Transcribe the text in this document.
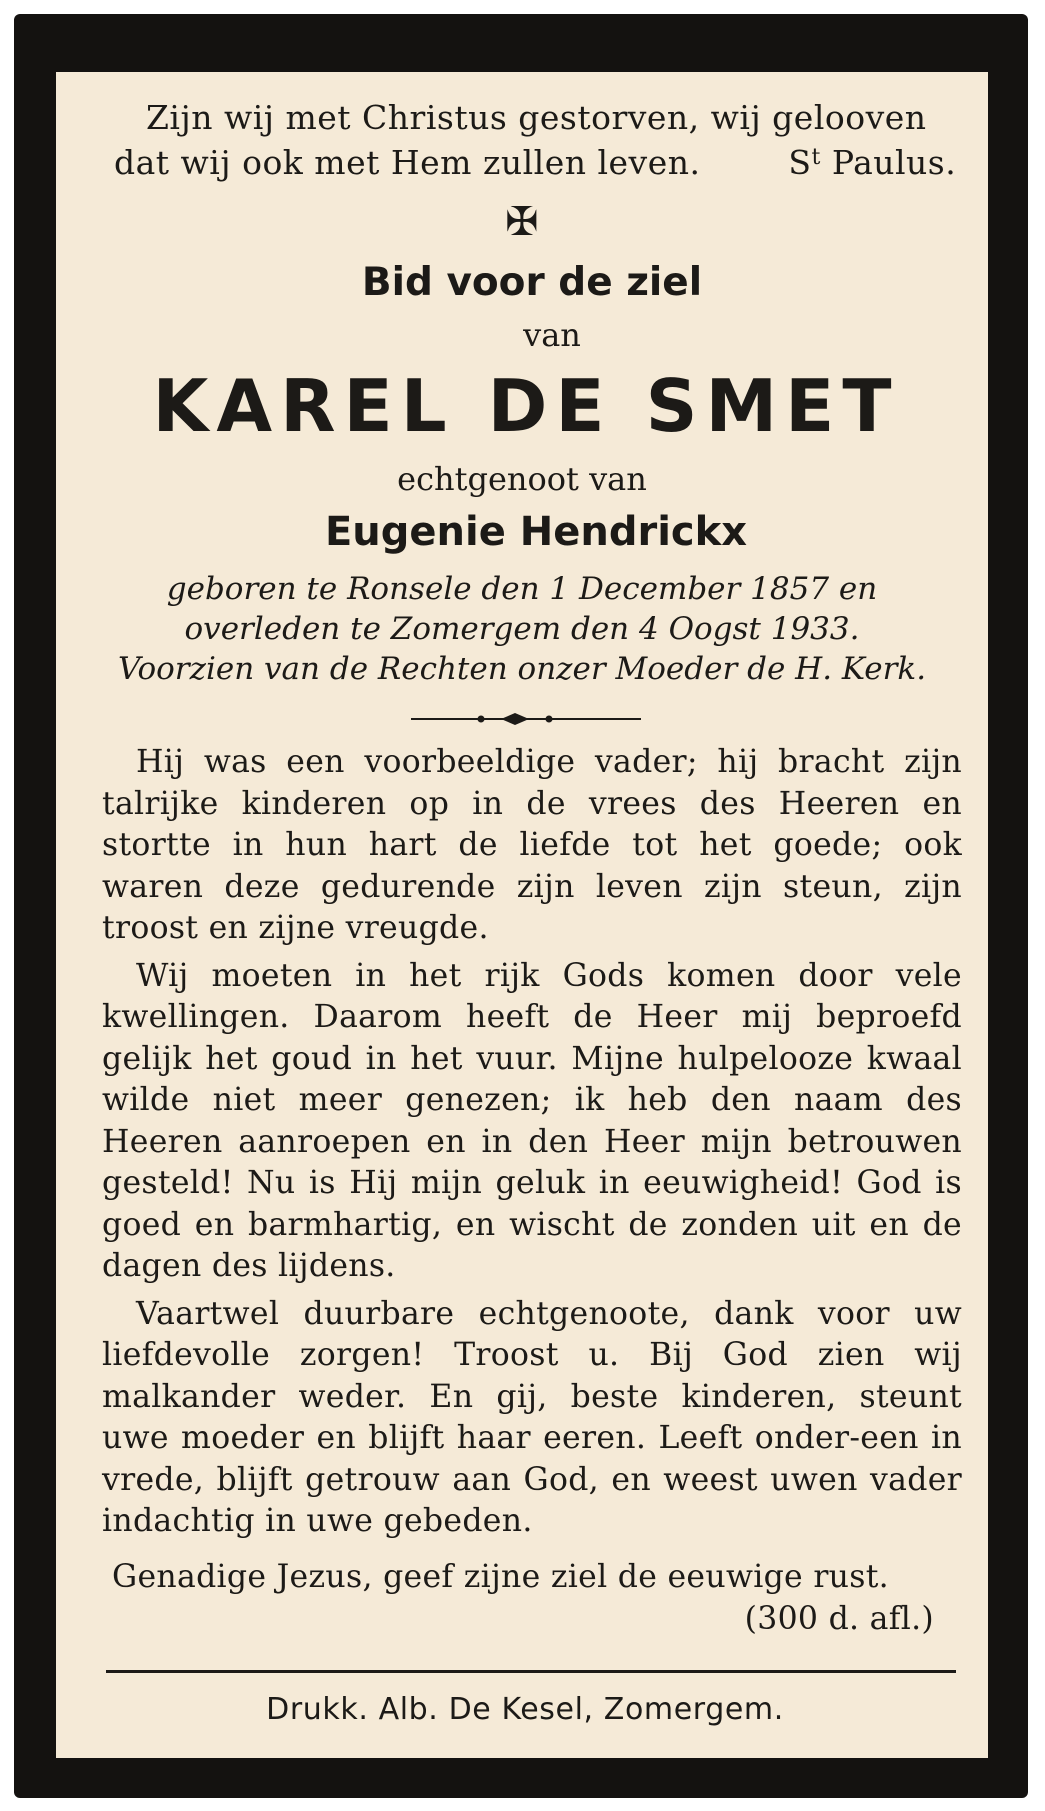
Zijn wij met Christus gestorven, wij gelooven
dat wij ook met Hem zullen leven.	$S^t$ Paulus.
✠
Bid voor de ziel
van
KAREL DE SMET
echtgenoot van
Eugenie Hendrickx
geboren te Ronsele den 1 December 1857 en
overleden te Zomergem den 4 Oogst 1933.
Voorzien van de Rechten onzer Moeder de H. Kerk.

Hij was een voorbeeldige vader; hij bracht zijn talrijke kinderen op in de vrees des Heeren en stortte in hun hart de liefde tot het goede; ook waren deze gedurende zijn leven zijn steun, zijn troost en zijne vreugde.

Wij moeten in het rijk Gods komen door vele kwellingen. Daarom heeft de Heer mij beproefd gelijk het goud in het vuur. Mijne hulpelooze kwaal wilde niet meer genezen; ik heb den naam des Heeren aanroepen en in den Heer mijn betrouwen gesteld! Nu is Hij mijn geluk in eeuwigheid! God is goed en barmhartig, en wischt de zonden uit en de dagen des lijdens.

Vaartwel duurbare echtgenoote, dank voor uw liefdevolle zorgen! Troost u. Bij God zien wij malkander weder. En gij, beste kinderen, steunt uwe moeder en blijft haar eeren. Leeft onder-een in vrede, blijft getrouw aan God, en weest uwen vader indachtig in uwe gebeden.

Genadige Jezus, geef zijne ziel de eeuwige rust.
(300 d. afl.)
Drukk. Alb. De Kesel, Zomergem.
